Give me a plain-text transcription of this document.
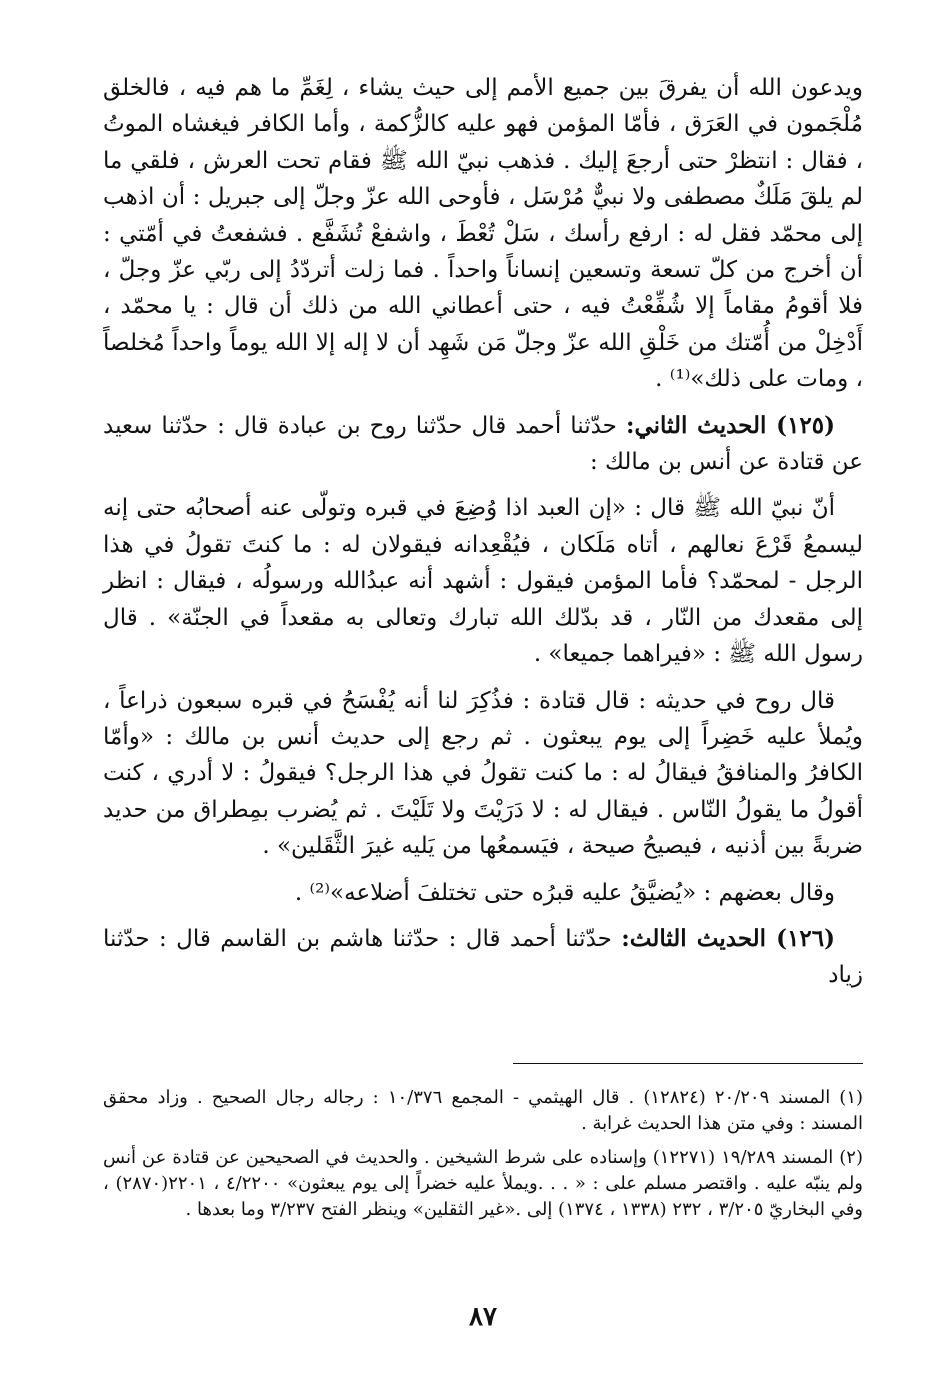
ويدعون الله أن يفرقَ بين جميع الأمم إلى حيث يشاء ، لِغَمِّ ما هم فيه ، فالخلق مُلْجَمون في العَرَق ، فأمّا المؤمن فهو عليه كالزُّكمة ، وأما الكافر فيغشاه الموتُ ، فقال : انتظرْ حتى أرجعَ إليك . فذهب نبيّ الله ﷺ فقام تحت العرش ، فلقي ما لم يلقَ مَلَكٌ مصطفى ولا نبيٌّ مُرْسَل ، فأوحى الله عزّ وجلّ إلى جبريل : أن اذهب إلى محمّد فقل له : ارفع رأسك ، سَلْ تُعْطَ ، واشفعْ تُشَفَّع . فشفعتُ في أمّتي : أن أخرج من كلّ تسعة وتسعين إنساناً واحداً . فما زلت أتردّدُ إلى ربّي عزّ وجلّ ، فلا أقومُ مقاماً إلا شُفِّعْتُ فيه ، حتى أعطاني الله من ذلك أن قال : يا محمّد ، أَدْخِلْ من أُمّتك من خَلْقِ الله عزّ وجلّ مَن شَهِد أن لا إله إلا الله يوماً واحداً مُخلصاً ، ومات على ذلك»⁽¹⁾ .

(١٢٥) الحديث الثاني: حدّثنا أحمد قال حدّثنا روح بن عبادة قال : حدّثنا سعيد عن قتادة عن أنس بن مالك :

أنّ نبيّ الله ﷺ قال : «إن العبد اذا وُضِعَ في قبره وتولّى عنه أصحابُه حتى إنه ليسمعُ قَرْعَ نعالهم ، أتاه مَلَكان ، فيُقْعِدانه فيقولان له : ما كنتَ تقولُ في هذا الرجل - لمحمّد؟ فأما المؤمن فيقول : أشهد أنه عبدُالله ورسولُه ، فيقال : انظر إلى مقعدك من النّار ، قد بدّلك الله تبارك وتعالى به مقعداً في الجنّة» . قال رسول الله ﷺ : «فيراهما جميعا» .

قال روح في حديثه : قال قتادة : فذُكِرَ لنا أنه يُفْسَحُ في قبره سبعون ذراعاً ، ويُملأ عليه خَضِراً إلى يوم يبعثون . ثم رجع إلى حديث أنس بن مالك : «وأمّا الكافرُ والمنافقُ فيقالُ له : ما كنت تقولُ في هذا الرجل؟ فيقولُ : لا أدري ، كنت أقولُ ما يقولُ النّاس . فيقال له : لا دَرَيْتَ ولا تَلَيْتَ . ثم يُضرب بمِطراق من حديد ضربةً بين أذنيه ، فيصيحُ صيحة ، فيَسمعُها من يَليه غيرَ الثَّقَلين» .

وقال بعضهم : «يُضيَّقُ عليه قبرُه حتى تختلفَ أضلاعه»⁽²⁾ .

(١٢٦) الحديث الثالث: حدّثنا أحمد قال : حدّثنا هاشم بن القاسم قال : حدّثنا زياد

(١) المسند ٢٠/٢٠٩ (١٢٨٢٤) . قال الهيثمي - المجمع ١٠/٣٧٦ : رجاله رجال الصحيح . وزاد محقق المسند : وفي متن هذا الحديث غرابة .

(٢) المسند ١٩/٢٨٩ (١٢٢٧١) وإسناده على شرط الشيخين . والحديث في الصحيحين عن قتادة عن أنس ولم ينبّه عليه . واقتصر مسلم على : « . . .ويملأ عليه خضراً إلى يوم يبعثون» ٤/٢٢٠٠ ، ٢٢٠١(٢٨٧٠) ، وفي البخاريّ ٣/٢٠٥ ، ٢٣٢ (١٣٣٨ ، ١٣٧٤) إلى .«غير الثقلين» وينظر الفتح ٣/٢٣٧ وما بعدها .

٨٧
